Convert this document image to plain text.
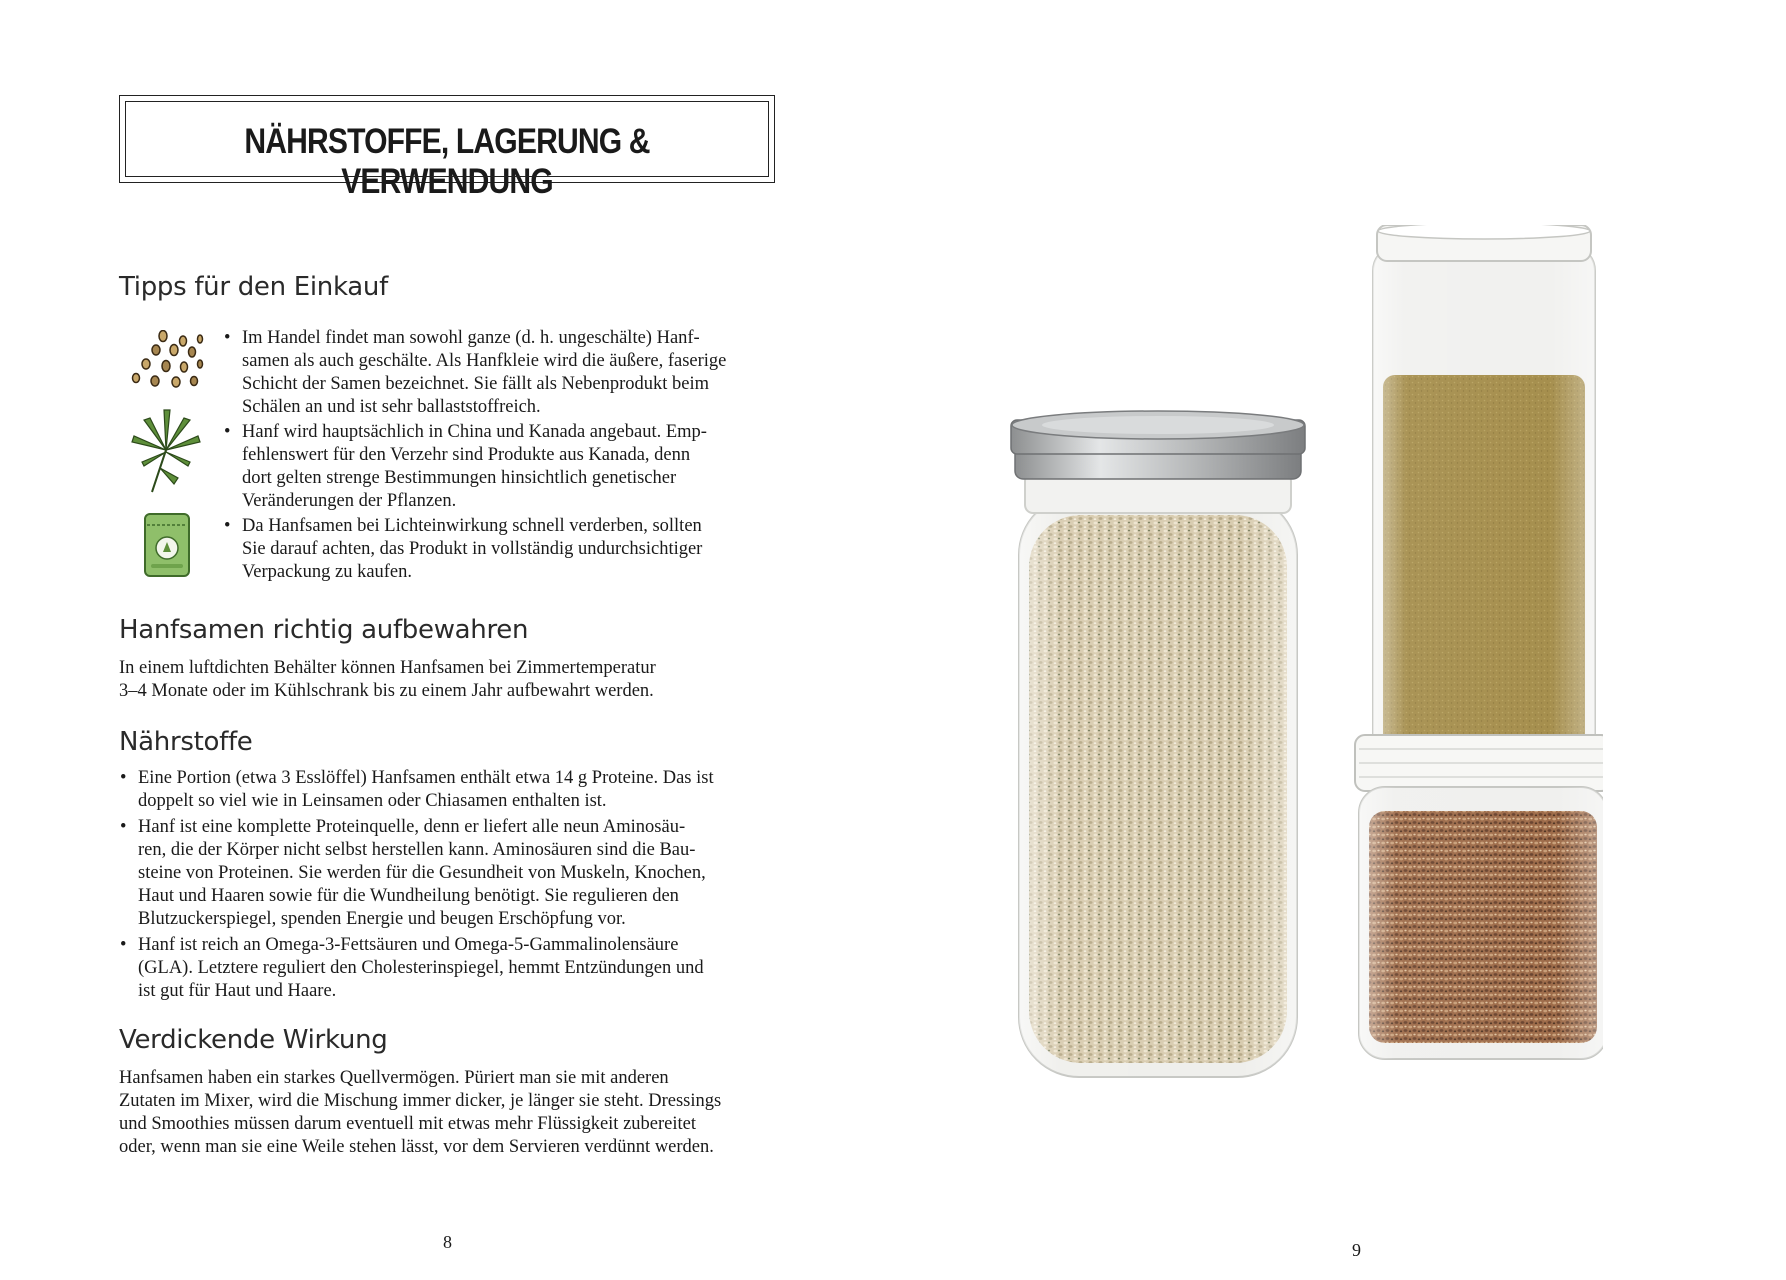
NÄHRSTOFFE, LAGERUNG & VERWENDUNG
Tipps für den Einkauf
• Im Handel findet man sowohl ganze (d. h. ungeschälte) Hanf-
samen als auch geschälte. Als Hanfkleie wird die äußere, faserige
Schicht der Samen bezeichnet. Sie fällt als Nebenprodukt beim
Schälen an und ist sehr ballaststoffreich.
• Hanf wird hauptsächlich in China und Kanada angebaut. Emp-
fehlenswert für den Verzehr sind Produkte aus Kanada, denn
dort gelten strenge Bestimmungen hinsichtlich genetischer
Veränderungen der Pflanzen.
• Da Hanfsamen bei Lichteinwirkung schnell verderben, sollten
Sie darauf achten, das Produkt in vollständig undurchsichtiger
Verpackung zu kaufen.
Hanfsamen richtig aufbewahren

In einem luftdichten Behälter können Hanfsamen bei Zimmertemperatur
3–4 Monate oder im Kühlschrank bis zu einem Jahr aufbewahrt werden.

Nährstoffe
• Eine Portion (etwa 3 Esslöffel) Hanfsamen enthält etwa 14 g Proteine. Das ist
doppelt so viel wie in Leinsamen oder Chiasamen enthalten ist.
• Hanf ist eine komplette Proteinquelle, denn er liefert alle neun Aminosäu-
ren, die der Körper nicht selbst herstellen kann. Aminosäuren sind die Bau-
steine von Proteinen. Sie werden für die Gesundheit von Muskeln, Knochen,
Haut und Haaren sowie für die Wundheilung benötigt. Sie regulieren den
Blutzuckerspiegel, spenden Energie und beugen Erschöpfung vor.
• Hanf ist reich an Omega-3-Fettsäuren und Omega-5-Gammalinolensäure
(GLA). Letztere reguliert den Cholesterinspiegel, hemmt Entzündungen und
ist gut für Haut und Haare.
Verdickende Wirkung

Hanfsamen haben ein starkes Quellvermögen. Püriert man sie mit anderen
Zutaten im Mixer, wird die Mischung immer dicker, je länger sie steht. Dressings
und Smoothies müssen darum eventuell mit etwas mehr Flüssigkeit zubereitet
oder, wenn man sie eine Weile stehen lässt, vor dem Servieren verdünnt werden.

8	9
